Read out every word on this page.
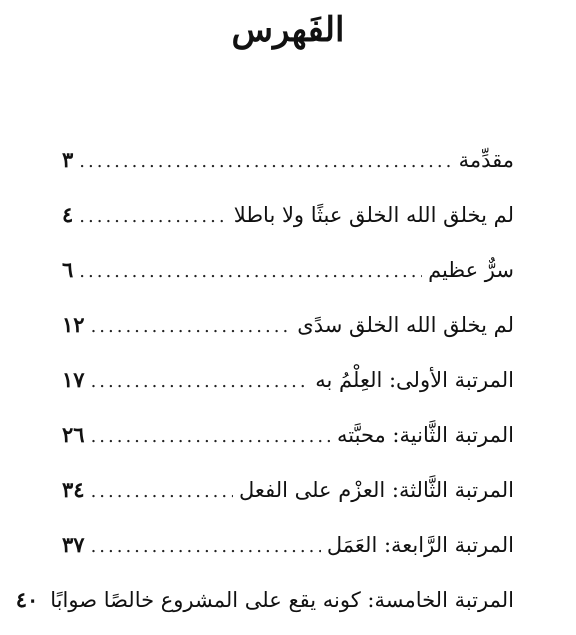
الفَهرس
مقدِّمة
.....
٣
لم يخلق الله الخلق عبثًا ولا باطلا
.....
٤
سرٌّ عظيم
.....
٦
لم يخلق الله الخلق سدًى
.....
١٢
المرتبة الأولى: العِلْمُ به
.....
١٧
المرتبة الثَّانية: محبَّته
.....
٢٦
المرتبة الثَّالثة: العزْم على الفعل
.....
٣٤
المرتبة الرَّابعة: العَمَل
.....
٣٧
المرتبة الخامسة: كونه يقع على المشروع خالصًا صوابًا
٤٠
